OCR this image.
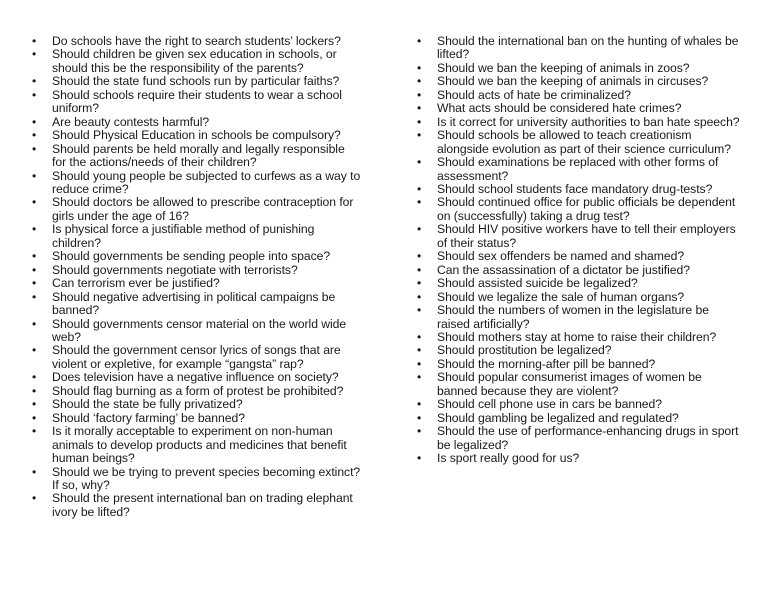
•	Do schools have the right to search students’ lockers?
•	Should children be given sex education in schools, or should this be the responsibility of the parents?
•	Should the state fund schools run by particular faiths?
•	Should schools require their students to wear a school uniform?
•	Are beauty contests harmful?
•	Should Physical Education in schools be compulsory?
•	Should parents be held morally and legally responsible for the actions/needs of their children?
•	Should young people be subjected to curfews as a way to reduce crime?
•	Should doctors be allowed to prescribe contraception for girls under the age of 16?
•	Is physical force a justifiable method of punishing children?
•	Should governments be sending people into space?
•	Should governments negotiate with terrorists?
•	Can terrorism ever be justified?
•	Should negative advertising in political campaigns be banned?
•	Should governments censor material on the world wide web?
•	Should the government censor lyrics of songs that are violent or expletive, for example “gangsta” rap?
•	Does television have a negative influence on society?
•	Should flag burning as a form of protest be prohibited?
•	Should the state be fully privatized?
•	Should ‘factory farming’ be banned?
•	Is it morally acceptable to experiment on non-human animals to develop products and medicines that benefit human beings?
•	Should we be trying to prevent species becoming extinct? If so, why?
•	Should the present international ban on trading elephant ivory be lifted?
•	Should the international ban on the hunting of whales be lifted?
•	Should we ban the keeping of animals in zoos?
•	Should we ban the keeping of animals in circuses?
•	Should acts of hate be criminalized?
•	What acts should be considered hate crimes?
•	Is it correct for university authorities to ban hate speech?
•	Should schools be allowed to teach creationism alongside evolution as part of their science curriculum?
•	Should examinations be replaced with other forms of assessment?
•	Should school students face mandatory drug-tests?
•	Should continued office for public officials be dependent on (successfully) taking a drug test?
•	Should HIV positive workers have to tell their employers of their status?
•	Should sex offenders be named and shamed?
•	Can the assassination of a dictator be justified?
•	Should assisted suicide be legalized?
•	Should we legalize the sale of human organs?
•	Should the numbers of women in the legislature be raised artificially?
•	Should mothers stay at home to raise their children?
•	Should prostitution be legalized?
•	Should the morning-after pill be banned?
•	Should popular consumerist images of women be banned because they are violent?
•	Should cell phone use in cars be banned?
•	Should gambling be legalized and regulated?
•	Should the use of performance-enhancing drugs in sport be legalized?
•	Is sport really good for us?
